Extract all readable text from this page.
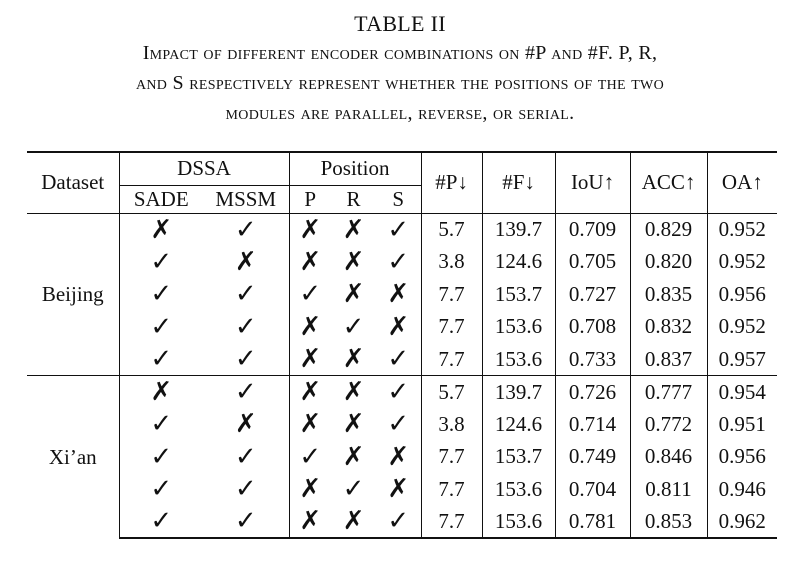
TABLE II
Impact of different encoder combinations on #P and #F. P, R,
and S respectively represent whether the positions of the two
modules are parallel, reverse, or serial.
Dataset	DSSA		Position			#P↓	#F↓	IoU↑	ACC↑	OA↑
	SADE	MSSM	P	R	S					
Beijing	✗	✓	✗	✗	✓	5.7	139.7	0.709	0.829	0.952
	✓	✗	✗	✗	✓	3.8	124.6	0.705	0.820	0.952
	✓	✓	✓	✗	✗	7.7	153.7	0.727	0.835	0.956
	✓	✓	✗	✓	✗	7.7	153.6	0.708	0.832	0.952
	✓	✓	✗	✗	✓	7.7	153.6	0.733	0.837	0.957
Xi’an	✗	✓	✗	✗	✓	5.7	139.7	0.726	0.777	0.954
	✓	✗	✗	✗	✓	3.8	124.6	0.714	0.772	0.951
	✓	✓	✓	✗	✗	7.7	153.7	0.749	0.846	0.956
	✓	✓	✗	✓	✗	7.7	153.6	0.704	0.811	0.946
	✓	✓	✗	✗	✓	7.7	153.6	0.781	0.853	0.962
